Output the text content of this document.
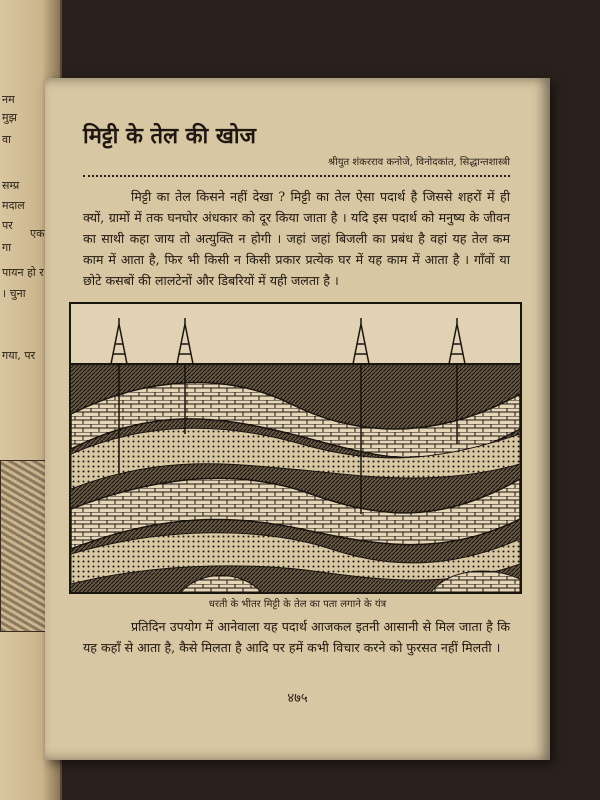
नम
मुझ
वा
सम्प्र
मदाल
पर
गा
एक
पायन हो र
। चुना
गया, पर
मिट्टी के तेल की खोज
श्रीयुत शंकरराव कनोजे, विनोदकांत, सिद्धान्तशास्त्री
मिट्टी का तेल किसने नहीं देखा ? मिट्टी का तेल ऐसा पदार्थ है जिससे शहरों में ही क्यों, ग्रामों में तक घनघोर अंधकार को दूर किया जाता है । यदि इस पदार्थ को मनुष्य के जीवन का साथी कहा जाय तो अत्युक्ति न होगी । जहां जहां बिजली का प्रबंध है वहां यह तेल कम काम में आता है, फिर भी किसी न किसी प्रकार प्रत्येक घर में यह काम में आता है । गाँवों या छोटे कसबों की लालटेनों और डिबरियों में यही जलता है ।
धरती के भीतर मिट्टी के तेल का पता लगाने के यंत्र
प्रतिदिन उपयोग में आनेवाला यह पदार्थ आजकल इतनी आसानी से मिल जाता है कि यह कहाँ से आता है, कैसे मिलता है आदि पर हमें कभी विचार करने को फुरसत नहीं मिलती ।
४७५
